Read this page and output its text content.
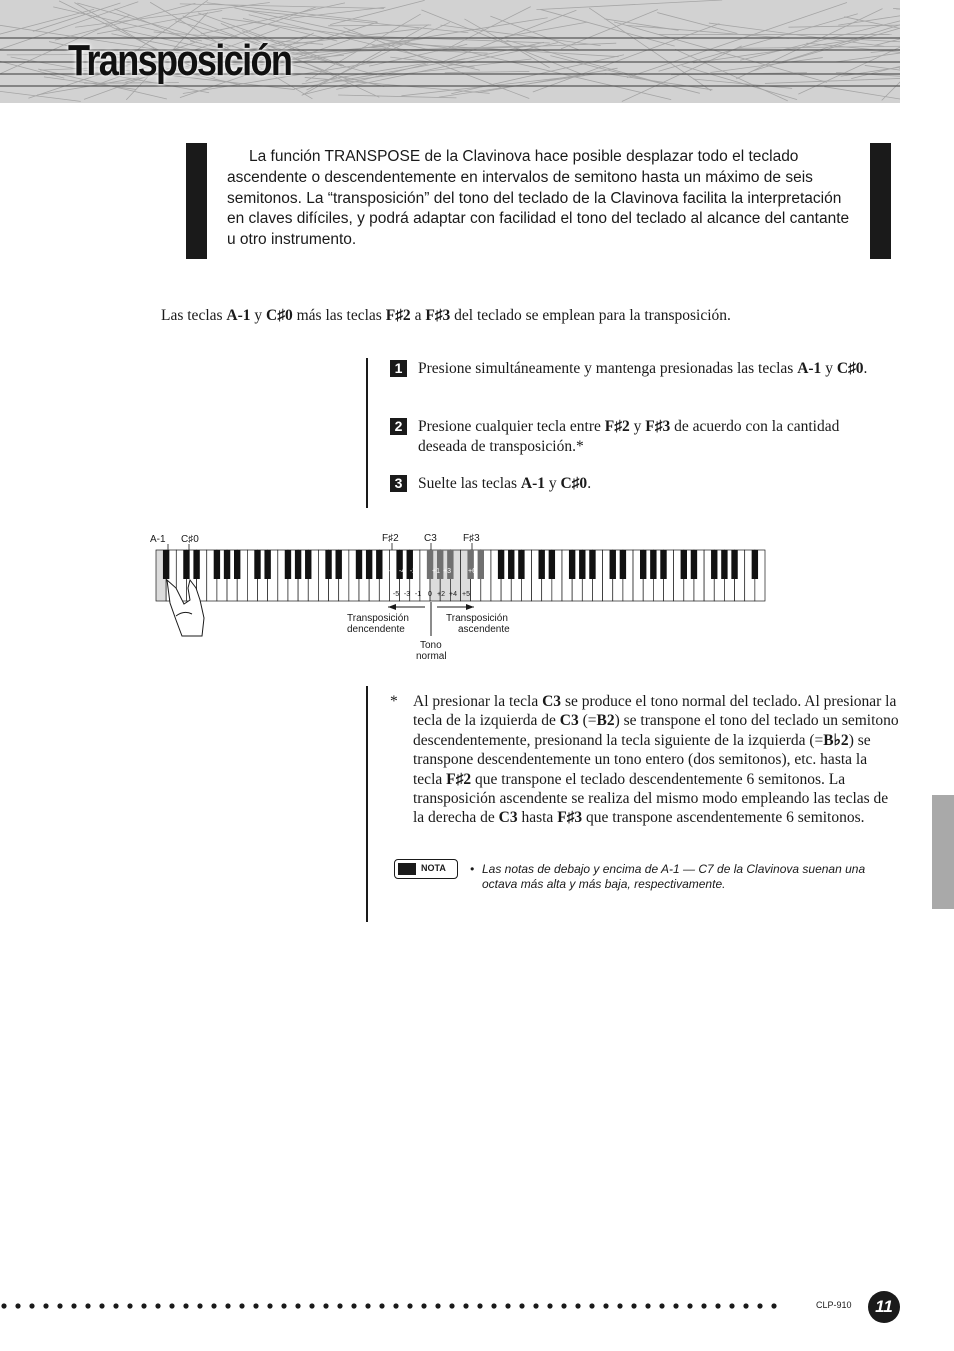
Transposición

La función TRANSPOSE de la Clavinova hace posible desplazar todo el teclado ascendente o descendentemente en intervalos de semitono hasta un máximo de seis semitonos. La “transposición” del tono del teclado de la Clavinova facilita la interpretación en claves difíciles, y podrá adaptar con facilidad el tono del teclado al alcance del cantante u otro instrumento.

Las teclas A-1 y C♯0 más las teclas F♯2 a F♯3 del teclado se emplean para la transposición.

1 Presione simultáneamente y mantenga presionadas las teclas A-1 y C♯0.
2 Presione cualquier tecla entre F♯2 y F♯3 de acuerdo con la cantidad deseada de transposición.*
3 Suelte las teclas A-1 y C♯0.
-6 -4 -2 +1 +3 +6
-5 -3 -1 0 +2 +4 +5
A-1 C♯0	F♯2	C3	F♯3
Transposición
dencendente
Transposición
ascendente
Tono
normal
* Al presionar la tecla C3 se produce el tono normal del teclado. Al presionar la tecla de la izquierda de C3 (=B2) se transpone el tono del teclado un semitono descendentemente, presionand la tecla siguiente de la izquierda (=B♭2) se transpone descendentemente un tono entero (dos semitonos), etc. hasta la tecla F♯2 que transpone el teclado descendentemente 6 semitonos. La transposición ascendente se realiza del mismo modo empleando las teclas de la derecha de C3 hasta F♯3 que transpone ascendentemente 6 semitonos.
NOTA • Las notas de debajo y encima de A-1 — C7 de la Clavinova suenan una octava más alta y más baja, respectivamente.
CLP-910	11
